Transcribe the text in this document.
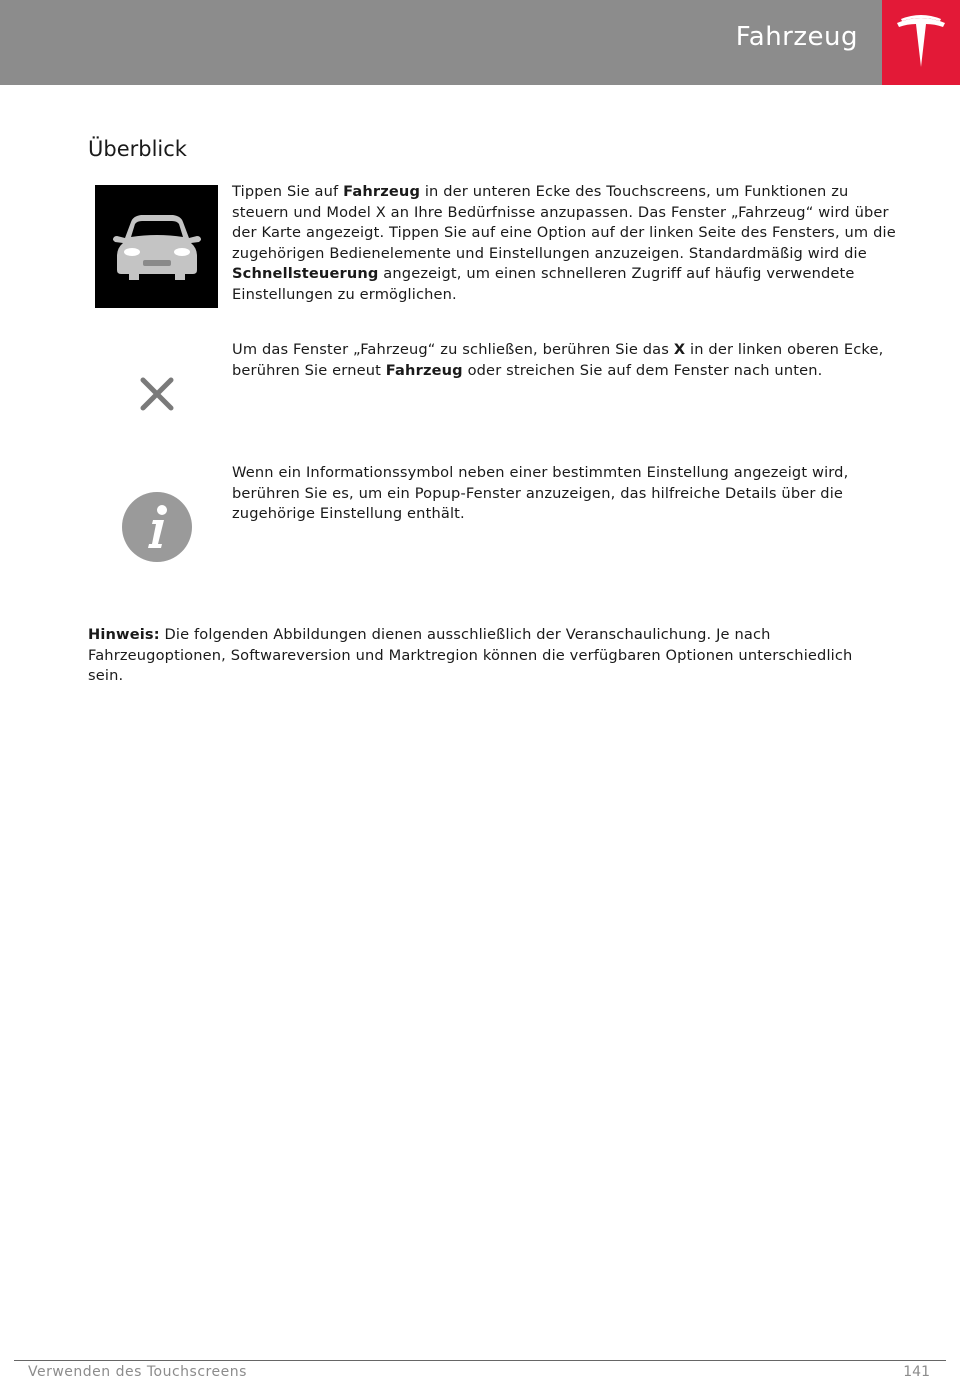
Fahrzeug
Überblick

Tippen Sie auf Fahrzeug in der unteren Ecke des Touchscreens, um Funktionen zu steuern und Model X an Ihre Bedürfnisse anzupassen. Das Fenster „Fahrzeug“ wird über der Karte angezeigt. Tippen Sie auf eine Option auf der linken Seite des Fensters, um die zugehörigen Bedienelemente und Einstellungen anzuzeigen. Standardmäßig wird die Schnellsteuerung angezeigt, um einen schnelleren Zugriff auf häufig verwendete Einstellungen zu ermöglichen.

Um das Fenster „Fahrzeug“ zu schließen, berühren Sie das X in der linken oberen Ecke, berühren Sie erneut Fahrzeug oder streichen Sie auf dem Fenster nach unten.

Wenn ein Informationssymbol neben einer bestimmten Einstellung angezeigt wird, berühren Sie es, um ein Popup-Fenster anzuzeigen, das hilfreiche Details über die zugehörige Einstellung enthält.

Hinweis: Die folgenden Abbildungen dienen ausschließlich der Veranschaulichung. Je nach Fahrzeugoptionen, Softwareversion und Marktregion können die verfügbaren Optionen unterschiedlich sein.

Verwenden des Touchscreens	141
